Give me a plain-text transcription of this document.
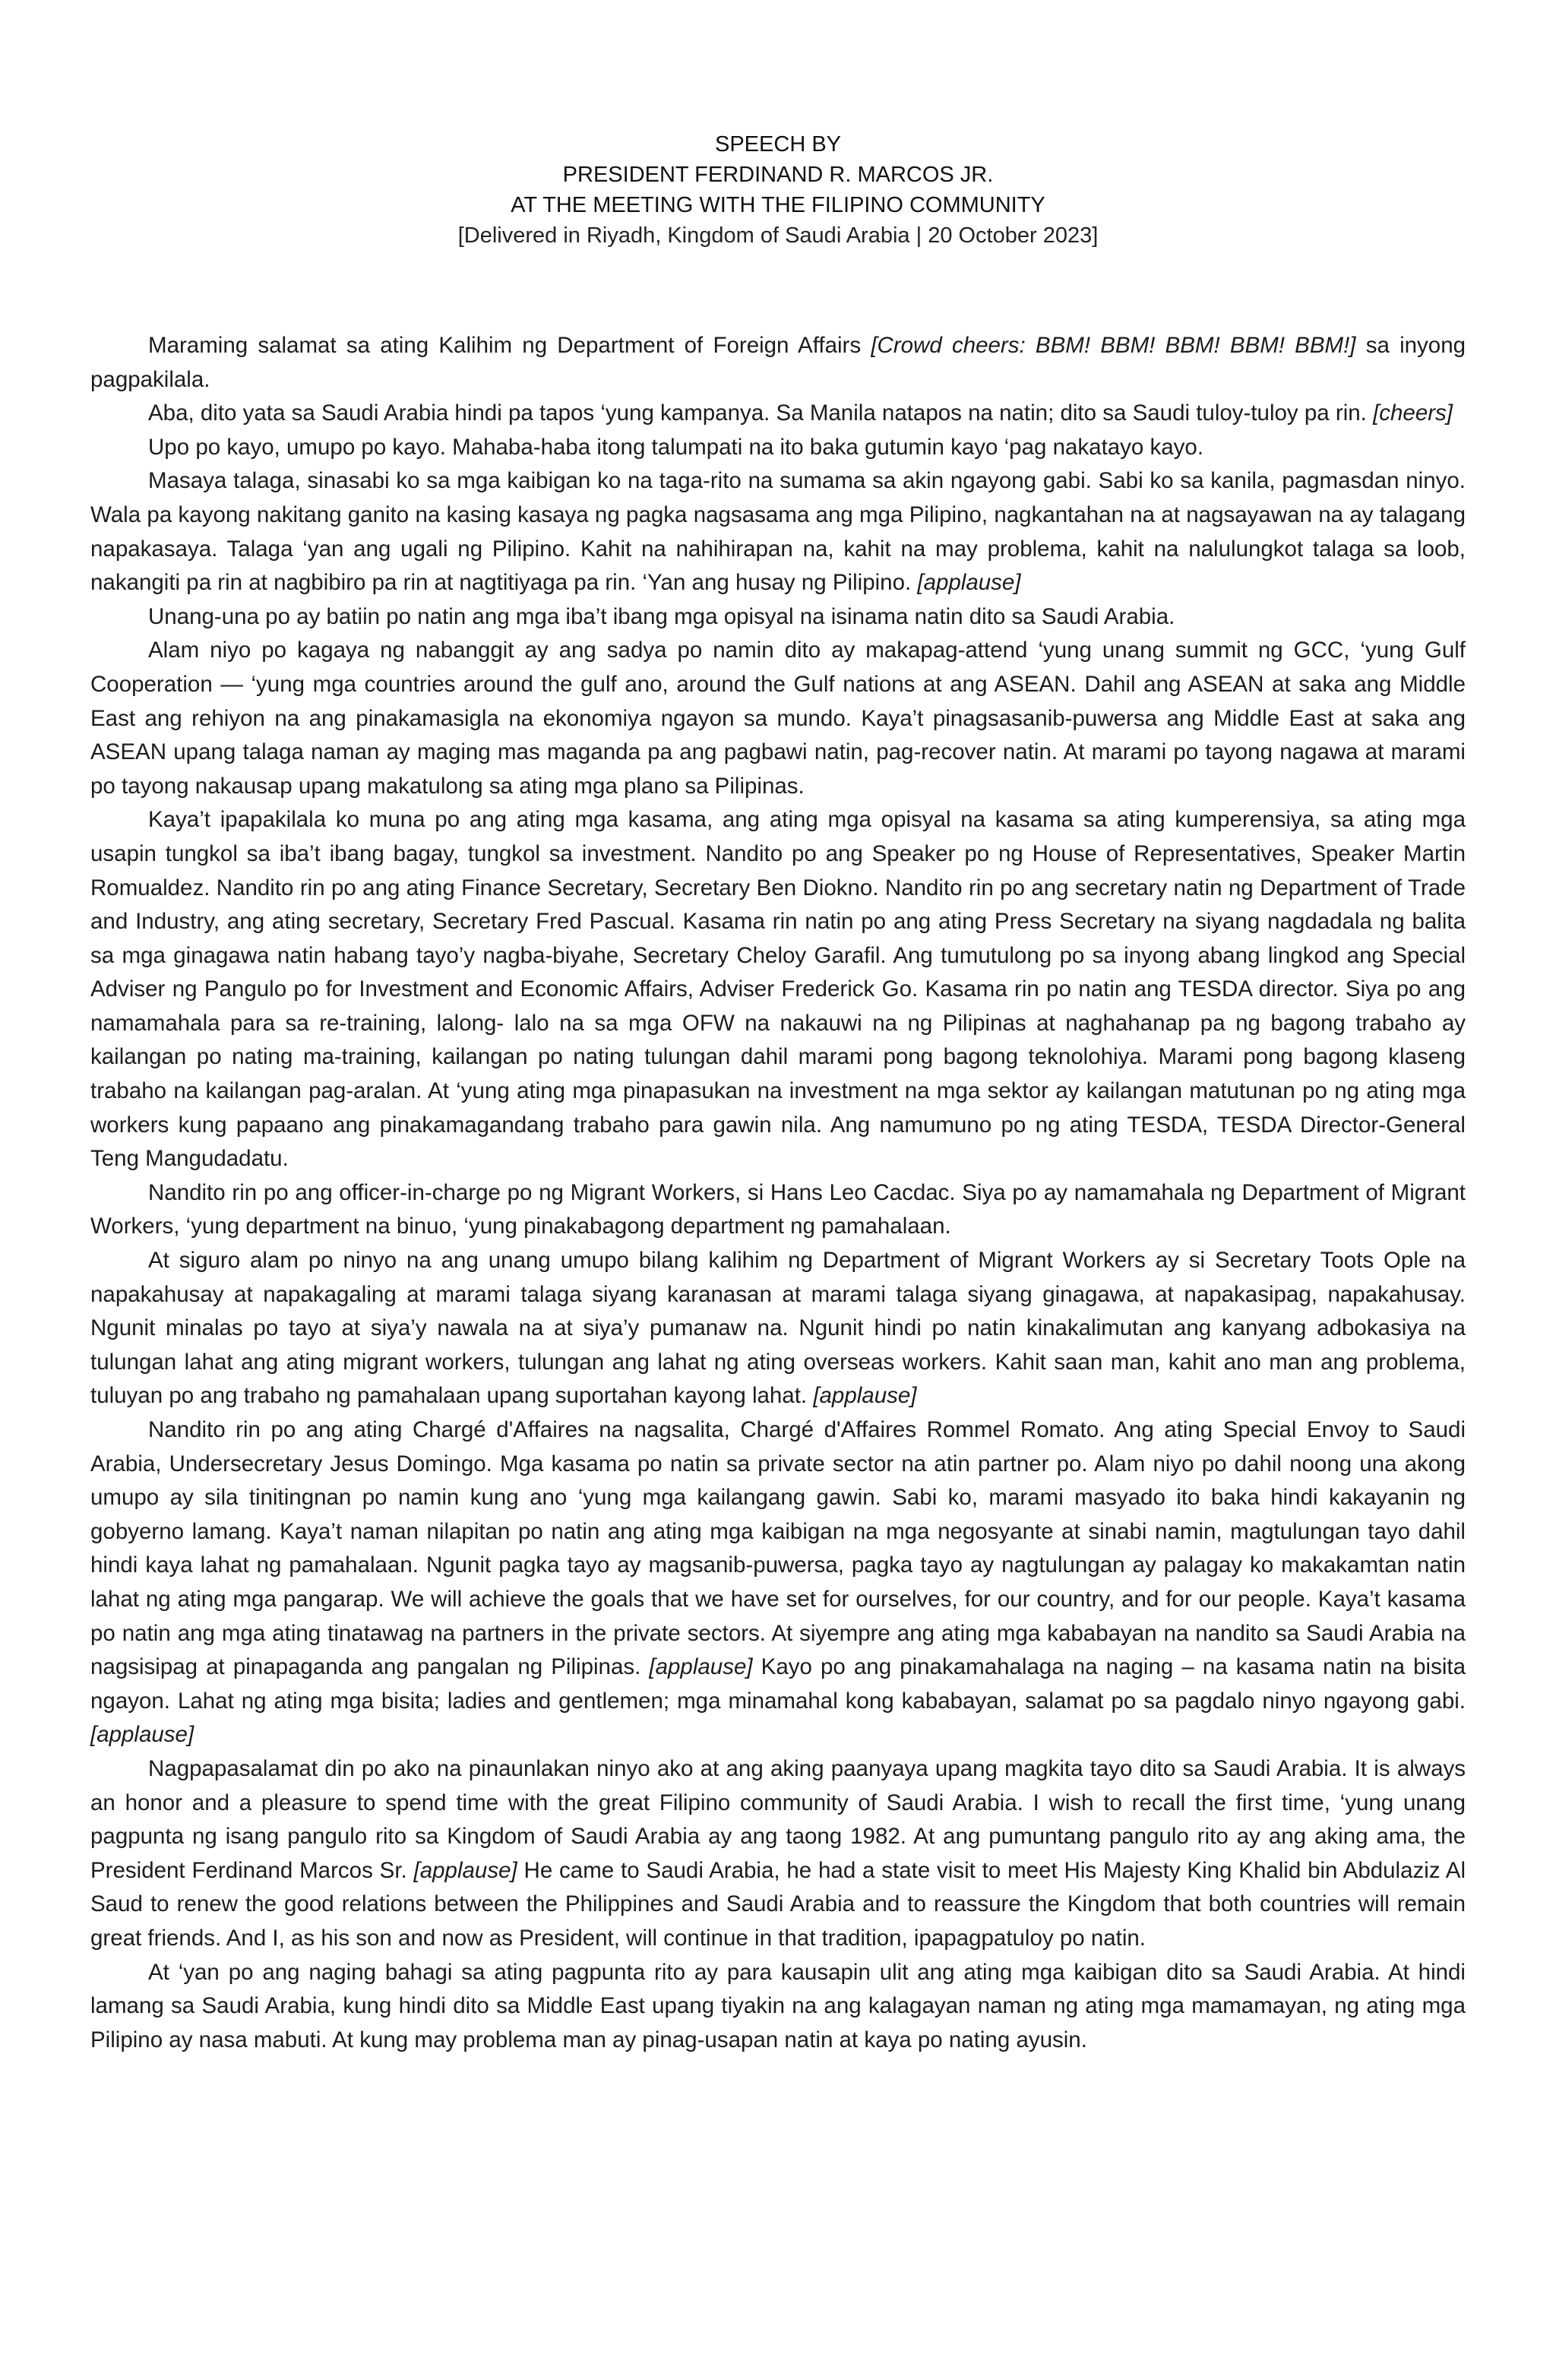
SPEECH BY
PRESIDENT FERDINAND R. MARCOS JR.
AT THE MEETING WITH THE FILIPINO COMMUNITY
[Delivered in Riyadh, Kingdom of Saudi Arabia | 20 October 2023]

Maraming salamat sa ating Kalihim ng Department of Foreign Affairs [Crowd cheers: BBM! BBM! BBM! BBM! BBM!] sa inyong pagpakilala.

Aba, dito yata sa Saudi Arabia hindi pa tapos ‘yung kampanya. Sa Manila natapos na natin; dito sa Saudi tuloy-tuloy pa rin. [cheers]

Upo po kayo, umupo po kayo. Mahaba-haba itong talumpati na ito baka gutumin kayo ‘pag nakatayo kayo.

Masaya talaga, sinasabi ko sa mga kaibigan ko na taga-rito na sumama sa akin ngayong gabi. Sabi ko sa kanila, pagmasdan ninyo. Wala pa kayong nakitang ganito na kasing kasaya ng pagka nagsasama ang mga Pilipino, nagkantahan na at nagsayawan na ay talagang napakasaya. Talaga ‘yan ang ugali ng Pilipino. Kahit na nahihirapan na, kahit na may problema, kahit na nalulungkot talaga sa loob, nakangiti pa rin at nagbibiro pa rin at nagtitiyaga pa rin. ‘Yan ang husay ng Pilipino. [applause]

Unang-una po ay batiin po natin ang mga iba’t ibang mga opisyal na isinama natin dito sa Saudi Arabia.

Alam niyo po kagaya ng nabanggit ay ang sadya po namin dito ay makapag-attend ‘yung unang summit ng GCC, ‘yung Gulf Cooperation — ‘yung mga countries around the gulf ano, around the Gulf nations at ang ASEAN. Dahil ang ASEAN at saka ang Middle East ang rehiyon na ang pinakamasigla na ekonomiya ngayon sa mundo. Kaya’t pinagsasanib-puwersa ang Middle East at saka ang ASEAN upang talaga naman ay maging mas maganda pa ang pagbawi natin, pag-recover natin. At marami po tayong nagawa at marami po tayong nakausap upang makatulong sa ating mga plano sa Pilipinas.

Kaya’t ipapakilala ko muna po ang ating mga kasama, ang ating mga opisyal na kasama sa ating kumperensiya, sa ating mga usapin tungkol sa iba’t ibang bagay, tungkol sa investment. Nandito po ang Speaker po ng House of Representatives, Speaker Martin Romualdez. Nandito rin po ang ating Finance Secretary, Secretary Ben Diokno. Nandito rin po ang secretary natin ng Department of Trade and Industry, ang ating secretary, Secretary Fred Pascual. Kasama rin natin po ang ating Press Secretary na siyang nagdadala ng balita sa mga ginagawa natin habang tayo’y nagba-biyahe, Secretary Cheloy Garafil. Ang tumutulong po sa inyong abang lingkod ang Special Adviser ng Pangulo po for Investment and Economic Affairs, Adviser Frederick Go. Kasama rin po natin ang TESDA director. Siya po ang namamahala para sa re-training, lalong- lalo na sa mga OFW na nakauwi na ng Pilipinas at naghahanap pa ng bagong trabaho ay kailangan po nating ma-training, kailangan po nating tulungan dahil marami pong bagong teknolohiya. Marami pong bagong klaseng trabaho na kailangan pag-aralan. At ‘yung ating mga pinapasukan na investment na mga sektor ay kailangan matutunan po ng ating mga workers kung papaano ang pinakamagandang trabaho para gawin nila. Ang namumuno po ng ating TESDA, TESDA Director-General Teng Mangudadatu.

Nandito rin po ang officer-in-charge po ng Migrant Workers, si Hans Leo Cacdac. Siya po ay namamahala ng Department of Migrant Workers, ‘yung department na binuo, ‘yung pinakabagong department ng pamahalaan.

At siguro alam po ninyo na ang unang umupo bilang kalihim ng Department of Migrant Workers ay si Secretary Toots Ople na napakahusay at napakagaling at marami talaga siyang karanasan at marami talaga siyang ginagawa, at napakasipag, napakahusay. Ngunit minalas po tayo at siya’y nawala na at siya’y pumanaw na. Ngunit hindi po natin kinakalimutan ang kanyang adbokasiya na tulungan lahat ang ating migrant workers, tulungan ang lahat ng ating overseas workers. Kahit saan man, kahit ano man ang problema, tuluyan po ang trabaho ng pamahalaan upang suportahan kayong lahat. [applause]

Nandito rin po ang ating Chargé d'Affaires na nagsalita, Chargé d'Affaires Rommel Romato. Ang ating Special Envoy to Saudi Arabia, Undersecretary Jesus Domingo. Mga kasama po natin sa private sector na atin partner po. Alam niyo po dahil noong una akong umupo ay sila tinitingnan po namin kung ano ‘yung mga kailangang gawin. Sabi ko, marami masyado ito baka hindi kakayanin ng gobyerno lamang. Kaya’t naman nilapitan po natin ang ating mga kaibigan na mga negosyante at sinabi namin, magtulungan tayo dahil hindi kaya lahat ng pamahalaan. Ngunit pagka tayo ay magsanib-puwersa, pagka tayo ay nagtulungan ay palagay ko makakamtan natin lahat ng ating mga pangarap. We will achieve the goals that we have set for ourselves, for our country, and for our people. Kaya’t kasama po natin ang mga ating tinatawag na partners in the private sectors. At siyempre ang ating mga kababayan na nandito sa Saudi Arabia na nagsisipag at pinapaganda ang pangalan ng Pilipinas. [applause] Kayo po ang pinakamahalaga na naging – na kasama natin na bisita ngayon. Lahat ng ating mga bisita; ladies and gentlemen; mga minamahal kong kababayan, salamat po sa pagdalo ninyo ngayong gabi. [applause]

Nagpapasalamat din po ako na pinaunlakan ninyo ako at ang aking paanyaya upang magkita tayo dito sa Saudi Arabia. It is always an honor and a pleasure to spend time with the great Filipino community of Saudi Arabia. I wish to recall the first time, ‘yung unang pagpunta ng isang pangulo rito sa Kingdom of Saudi Arabia ay ang taong 1982. At ang pumuntang pangulo rito ay ang aking ama, the President Ferdinand Marcos Sr. [applause] He came to Saudi Arabia, he had a state visit to meet His Majesty King Khalid bin Abdulaziz Al Saud to renew the good relations between the Philippines and Saudi Arabia and to reassure the Kingdom that both countries will remain great friends. And I, as his son and now as President, will continue in that tradition, ipapagpatuloy po natin.

At ‘yan po ang naging bahagi sa ating pagpunta rito ay para kausapin ulit ang ating mga kaibigan dito sa Saudi Arabia. At hindi lamang sa Saudi Arabia, kung hindi dito sa Middle East upang tiyakin na ang kalagayan naman ng ating mga mamamayan, ng ating mga Pilipino ay nasa mabuti. At kung may problema man ay pinag-usapan natin at kaya po nating ayusin.
